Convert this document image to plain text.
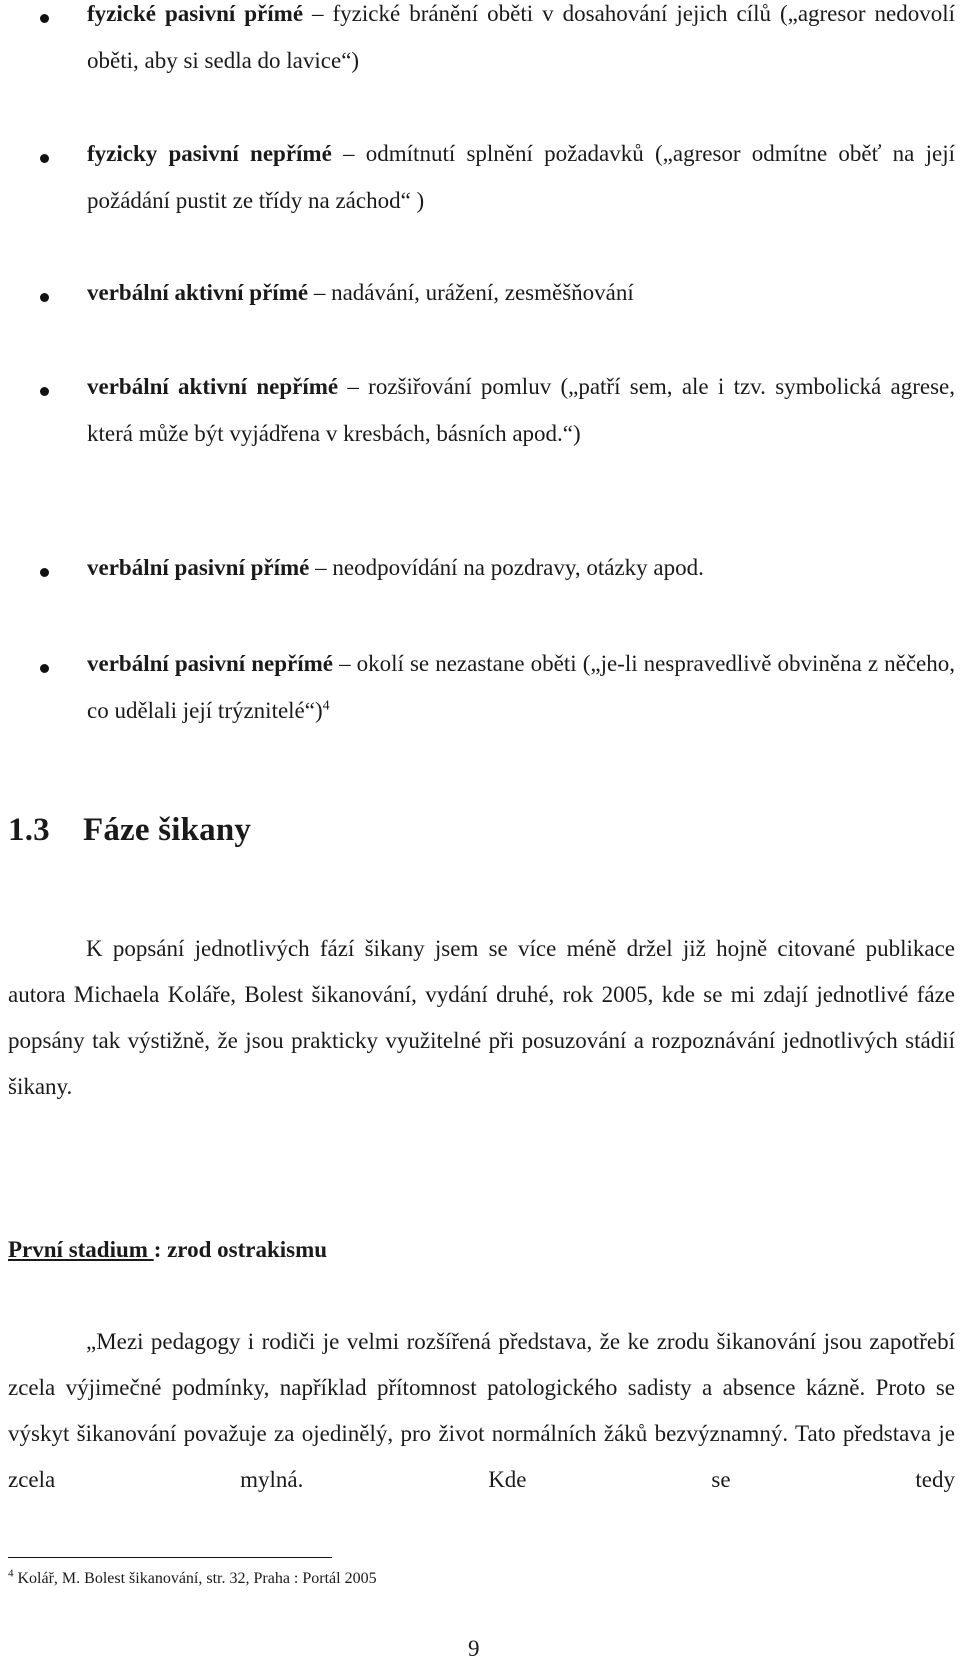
fyzické pasivní přímé – fyzické bránění oběti v dosahování jejich cílů („agresor nedovolí oběti, aby si sedla do lavice“)
fyzicky pasivní nepřímé – odmítnutí splnění požadavků („agresor odmítne oběť na její požádání pustit ze třídy na záchod“ )
verbální aktivní přímé – nadávání, urážení, zesměšňování
verbální aktivní nepřímé – rozšiřování pomluv („patří sem, ale i tzv. symbolická agrese, která může být vyjádřena v kresbách, básních apod.“)
verbální pasivní přímé – neodpovídání na pozdravy, otázky apod.
verbální pasivní nepřímé – okolí se nezastane oběti („je-li nespravedlivě obviněna z něčeho, co udělali její trýznitelé“)$^4$
1.3 Fáze šikany
K popsání jednotlivých fází šikany jsem se více méně držel již hojně citované publikace autora Michaela Koláře, Bolest šikanování, vydání druhé, rok 2005, kde se mi zdají jednotlivé fáze popsány tak výstižně, že jsou prakticky využitelné při posuzování a rozpoznávání jednotlivých stádií šikany.
První stadium : zrod ostrakismu
„Mezi pedagogy i rodiči je velmi rozšířená představa, že ke zrodu šikanování jsou zapotřebí zcela výjimečné podmínky, například přítomnost patologického sadisty a absence kázně. Proto se výskyt šikanování považuje za ojedinělý, pro život normálních žáků bezvýznamný. Tato představa je zcela mylná. Kde se tedy
$^4$ Kolář, M. Bolest šikanování, str. 32, Praha : Portál 2005
9
